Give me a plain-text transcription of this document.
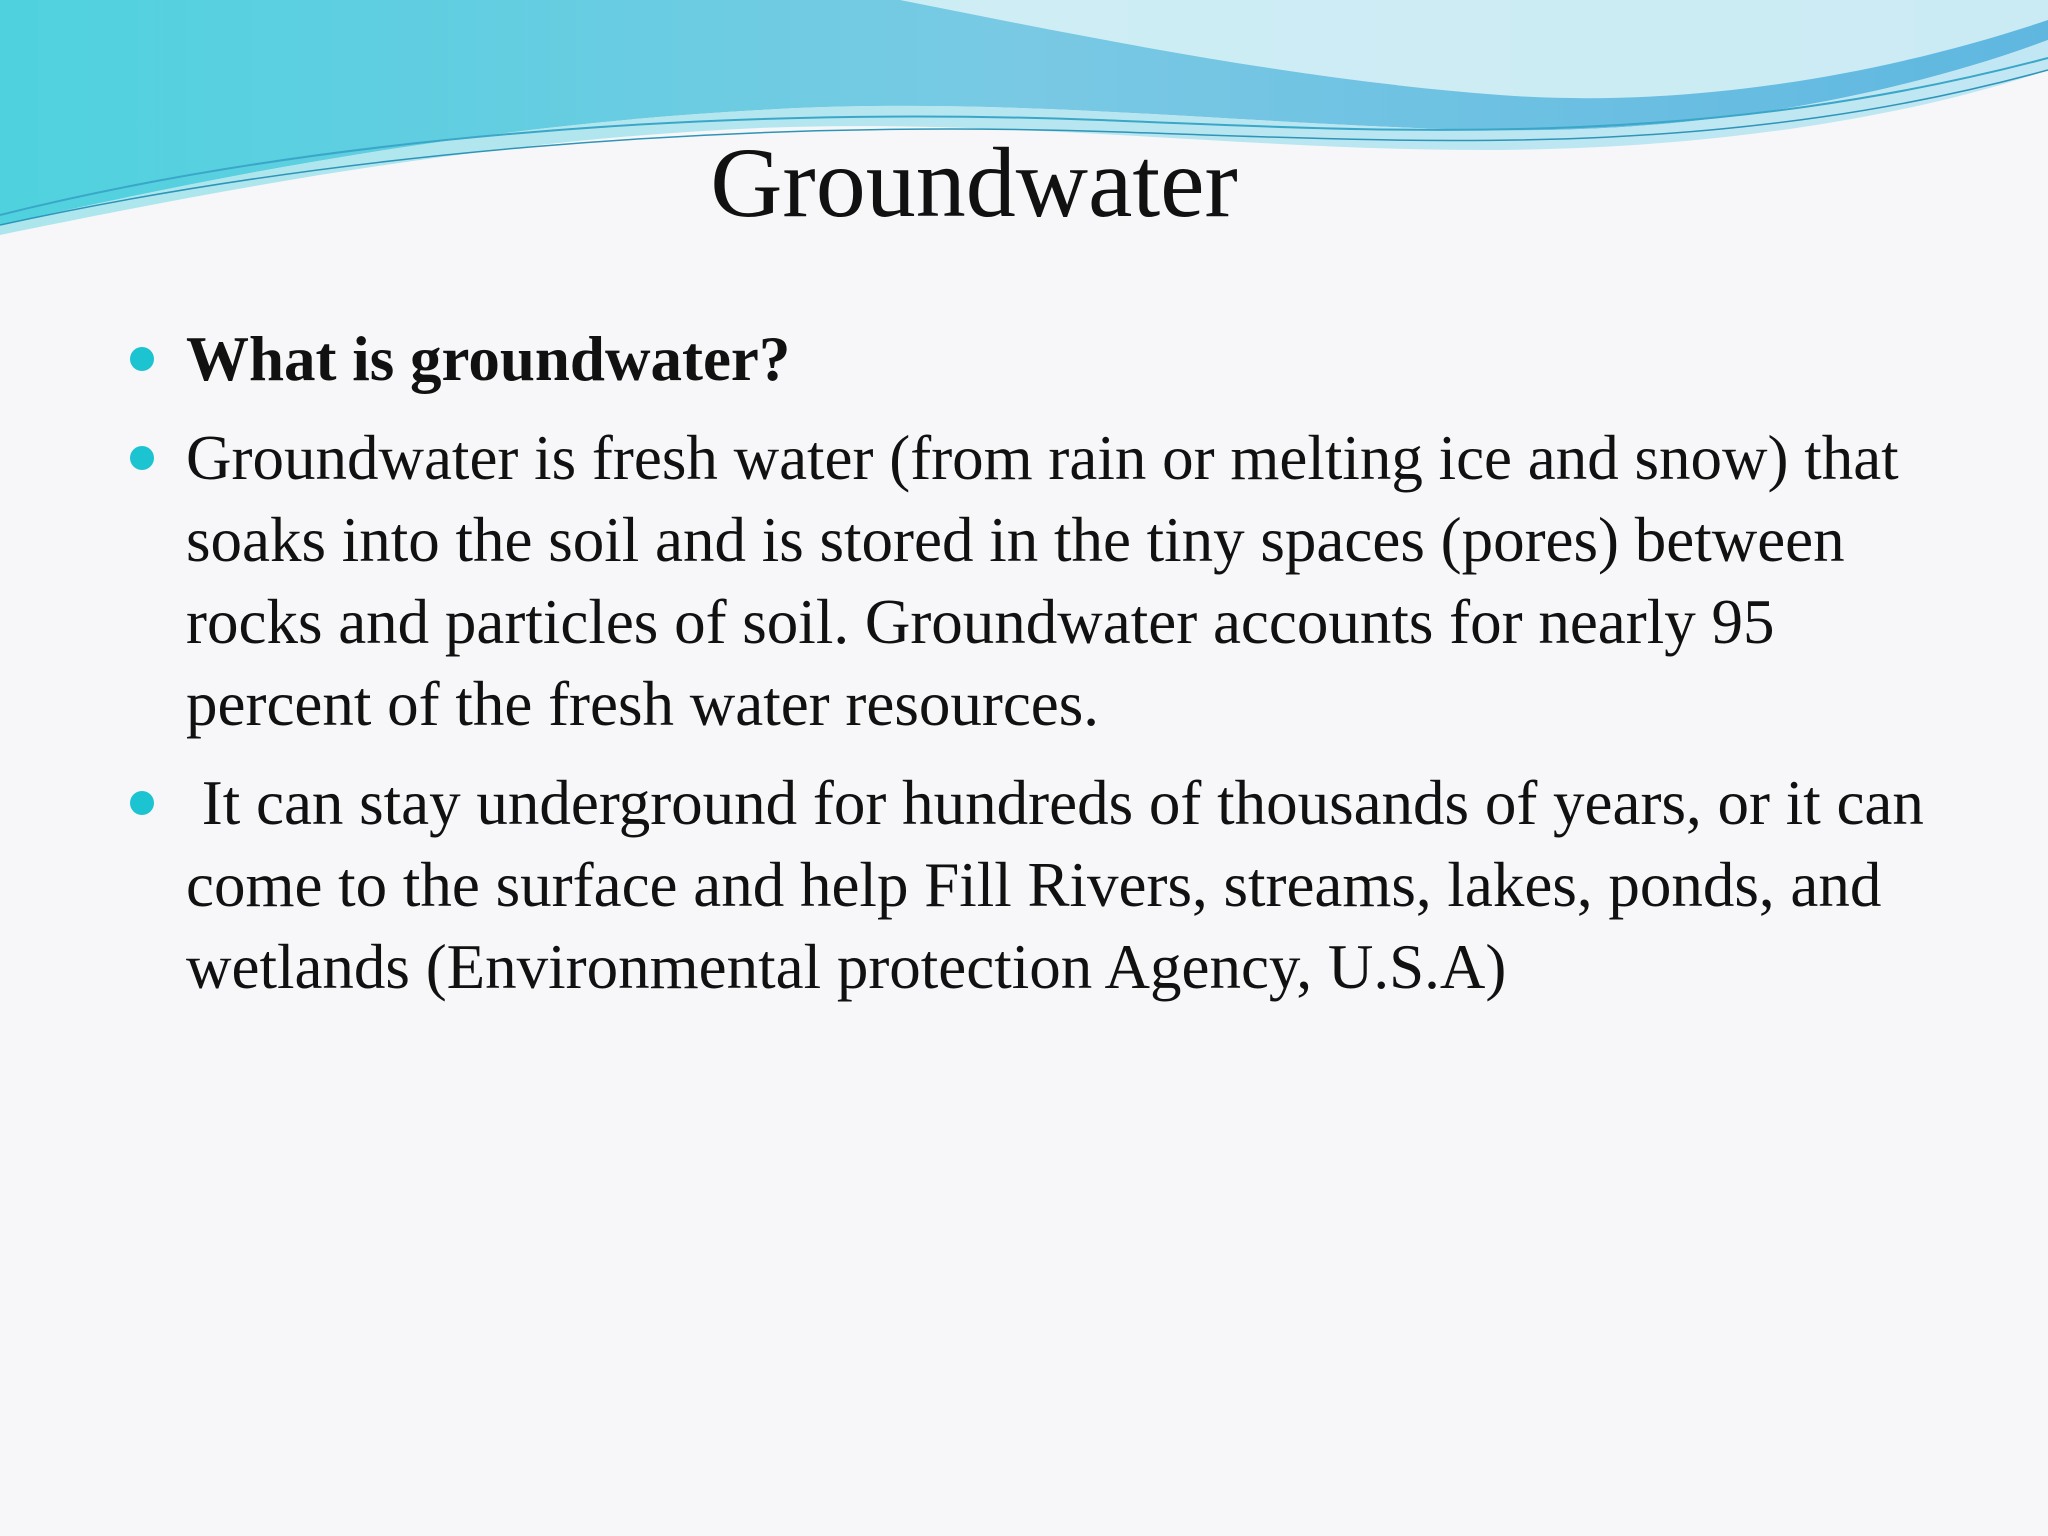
Groundwater
What is groundwater?
Groundwater is fresh water (from rain or melting ice and snow) that soaks into the soil and is stored in the tiny spaces (pores) between rocks and particles of soil. Groundwater accounts for nearly 95 percent of the fresh water resources.
It can stay underground for hundreds of thousands of years, or it can come to the surface and help Fill Rivers, streams, lakes, ponds, and wetlands (Environmental protection Agency, U.S.A)
